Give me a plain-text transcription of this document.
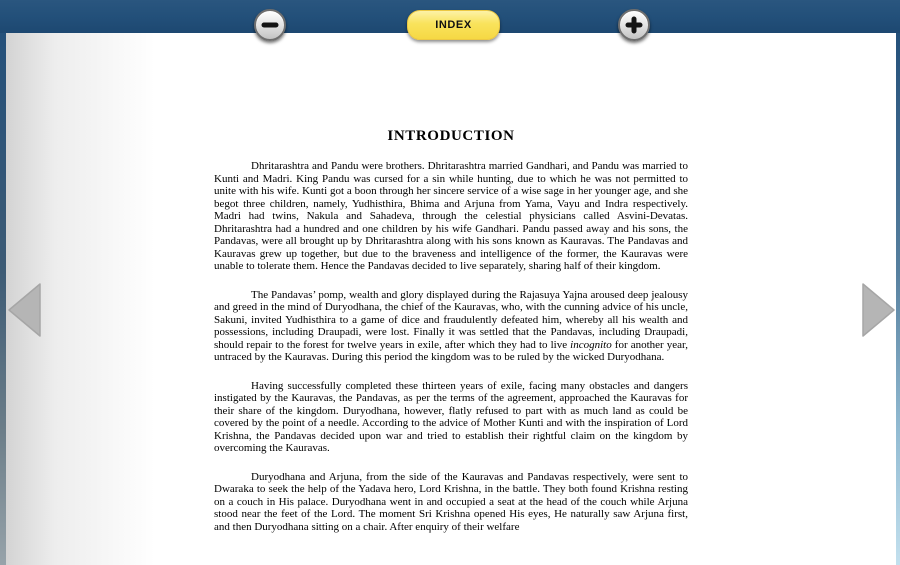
INTRODUCTION

Dhritarashtra and Pandu were brothers. Dhritarashtra married Gandhari, and Pandu was married to Kunti and Madri. King Pandu was cursed for a sin while hunting, due to which he was not permitted to unite with his wife. Kunti got a boon through her sincere service of a wise sage in her younger age, and she begot three children, namely, Yudhisthira, Bhima and Arjuna from Yama, Vayu and Indra respectively. Madri had twins, Nakula and Sahadeva, through the celestial physicians called Asvini-Devatas. Dhritarashtra had a hundred and one children by his wife Gandhari. Pandu passed away and his sons, the Pandavas, were all brought up by Dhritarashtra along with his sons known as Kauravas. The Pandavas and Kauravas grew up together, but due to the braveness and intelligence of the former, the Kauravas were unable to tolerate them. Hence the Pandavas decided to live separately, sharing half of their kingdom.

The Pandavas’ pomp, wealth and glory displayed during the Rajasuya Yajna aroused deep jealousy and greed in the mind of Duryodhana, the chief of the Kauravas, who, with the cunning advice of his uncle, Sakuni, invited Yudhisthira to a game of dice and fraudulently defeated him, whereby all his wealth and possessions, including Draupadi, were lost. Finally it was settled that the Pandavas, including Draupadi, should repair to the forest for twelve years in exile, after which they had to live incognito for another year, untraced by the Kauravas. During this period the kingdom was to be ruled by the wicked Duryodhana.

Having successfully completed these thirteen years of exile, facing many obstacles and dangers instigated by the Kauravas, the Pandavas, as per the terms of the agreement, approached the Kauravas for their share of the kingdom. Duryodhana, however, flatly refused to part with as much land as could be covered by the point of a needle. According to the advice of Mother Kunti and with the inspiration of Lord Krishna, the Pandavas decided upon war and tried to establish their rightful claim on the kingdom by overcoming the Kauravas.

Duryodhana and Arjuna, from the side of the Kauravas and Pandavas respectively, were sent to Dwaraka to seek the help of the Yadava hero, Lord Krishna, in the battle. They both found Krishna resting on a couch in His palace. Duryodhana went in and occupied a seat at the head of the couch while Arjuna stood near the feet of the Lord. The moment Sri Krishna opened His eyes, He naturally saw Arjuna first, and then Duryodhana sitting on a chair. After enquiry of their welfare

INDEX
